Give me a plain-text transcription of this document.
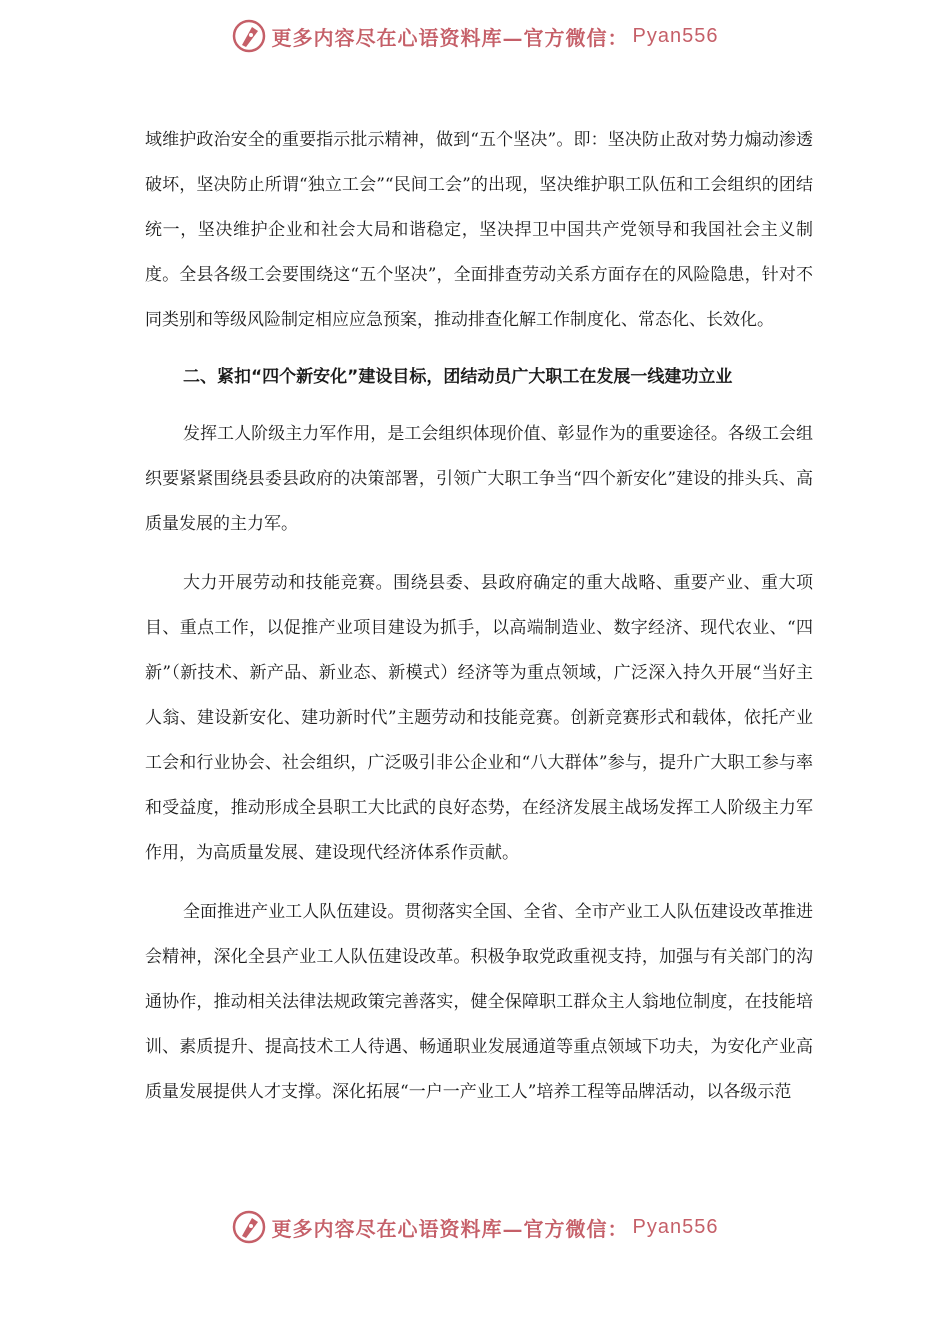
更多内容尽在心语资料库—官方微信： Pyan556

域维护政治安全的重要指示批示精神，做到“五个坚决”。即：坚决防止敌对势力煽动渗透破坏，坚决防止所谓“独立工会”“民间工会”的出现，坚决维护职工队伍和工会组织的团结统一，坚决维护企业和社会大局和谐稳定，坚决捍卫中国共产党领导和我国社会主义制度。全县各级工会要围绕这“五个坚决”，全面排查劳动关系方面存在的风险隐患，针对不同类别和等级风险制定相应应急预案，推动排查化解工作制度化、常态化、长效化。

二、紧扣“四个新安化”建设目标，团结动员广大职工在发展一线建功立业

发挥工人阶级主力军作用，是工会组织体现价值、彰显作为的重要途径。各级工会组织要紧紧围绕县委县政府的决策部署，引领广大职工争当“四个新安化”建设的排头兵、高质量发展的主力军。

大力开展劳动和技能竞赛。围绕县委、县政府确定的重大战略、重要产业、重大项目、重点工作，以促推产业项目建设为抓手，以高端制造业、数字经济、现代农业、“四新”（新技术、新产品、新业态、新模式）经济等为重点领域，广泛深入持久开展“当好主人翁、建设新安化、建功新时代”主题劳动和技能竞赛。创新竞赛形式和载体，依托产业工会和行业协会、社会组织，广泛吸引非公企业和“八大群体”参与，提升广大职工参与率和受益度，推动形成全县职工大比武的良好态势，在经济发展主战场发挥工人阶级主力军作用，为高质量发展、建设现代经济体系作贡献。

全面推进产业工人队伍建设。贯彻落实全国、全省、全市产业工人队伍建设改革推进会精神，深化全县产业工人队伍建设改革。积极争取党政重视支持，加强与有关部门的沟通协作，推动相关法律法规政策完善落实，健全保障职工群众主人翁地位制度，在技能培训、素质提升、提高技术工人待遇、畅通职业发展通道等重点领域下功夫，为安化产业高质量发展提供人才支撑。深化拓展“一户一产业工人”培养工程等品牌活动，以各级示范

更多内容尽在心语资料库—官方微信： Pyan556
